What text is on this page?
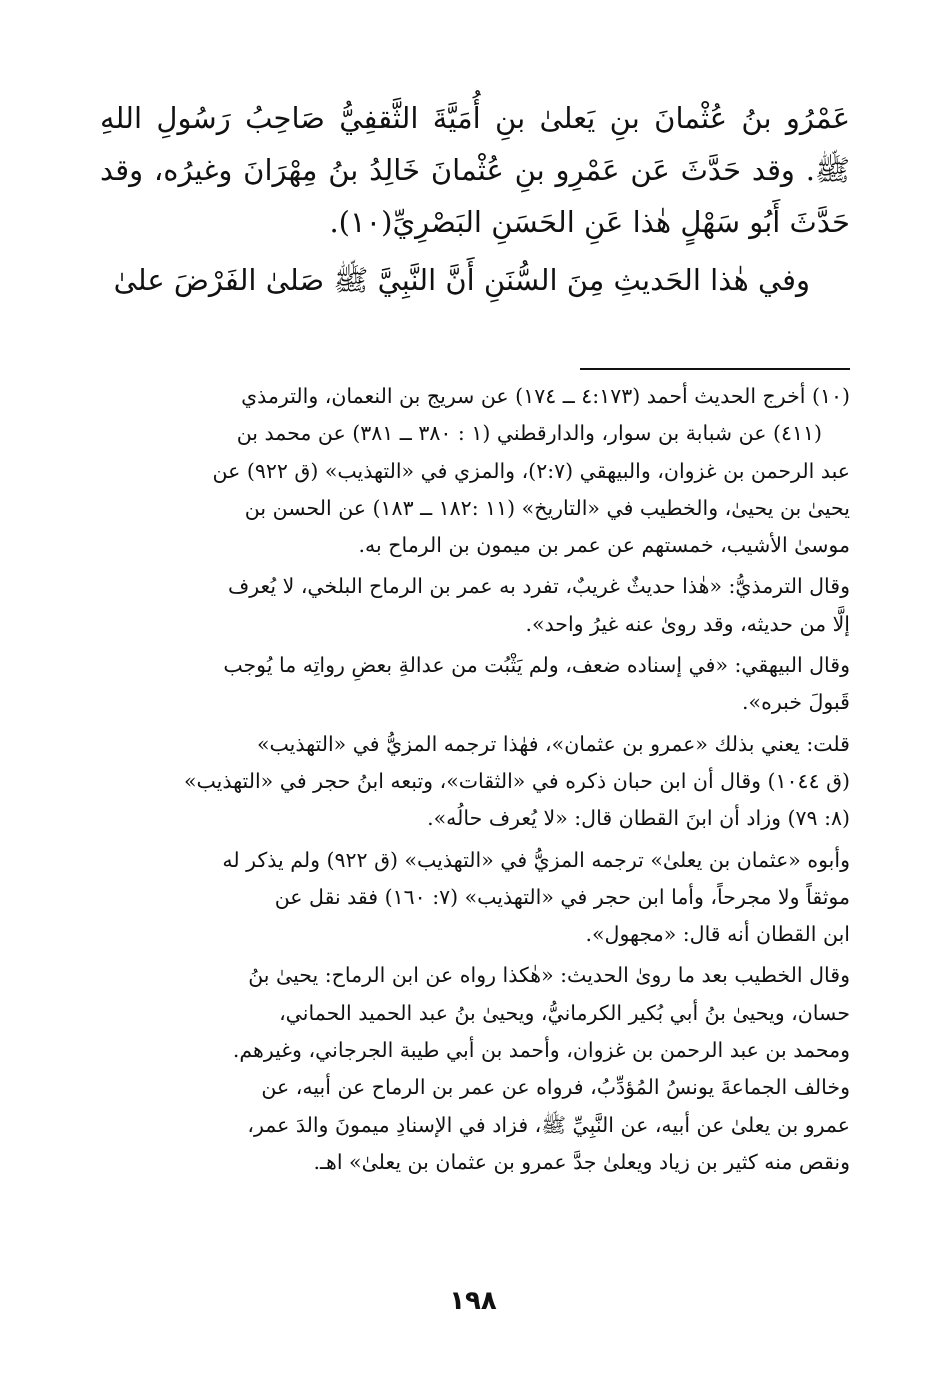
عَمْرُو بنُ عُثْمانَ بنِ يَعلىٰ بنِ أُمَيَّةَ الثَّقفِيُّ صَاحِبُ رَسُولِ اللهِ ﷺ. وقد حَدَّثَ عَن عَمْرِو بنِ عُثْمانَ خَالِدُ بنُ مِهْرَانَ وغيرُه، وقد حَدَّثَ أَبُو سَهْلٍ هٰذا عَنِ الحَسَنِ البَصْرِيِّ(١٠).

وفي هٰذا الحَديثِ مِنَ السُّنَنِ أَنَّ النَّبِيَّ ﷺ صَلىٰ الفَرْضَ علىٰ

(١٠) أخرج الحديث أحمد (٤:١٧٣ ــ ١٧٤) عن سريج بن النعمان، والترمذي

(٤١١) عن شبابة بن سوار، والدارقطني (١ : ٣٨٠ ــ ٣٨١) عن محمد بن

عبد الرحمن بن غزوان، والبيهقي (٢:٧)، والمزي في «التهذيب» (ق ٩٢٢) عن

يحيىٰ بن يحيىٰ، والخطيب في «التاريخ» (١١ :١٨٢ ــ ١٨٣) عن الحسن بن

موسىٰ الأشيب، خمستهم عن عمر بن ميمون بن الرماح به.

وقال الترمذيُّ: «هٰذا حديثٌ غريبٌ، تفرد به عمر بن الرماح البلخي، لا يُعرف

إلَّا من حديثه، وقد رویٰ عنه غيرُ واحد».

وقال البيهقي: «في إسناده ضعف، ولم يَثْبُت من عدالةِ بعضِ رواتِه ما يُوجب

قَبولَ خبره».

قلت: يعني بذلك «عمرو بن عثمان»، فهٰذا ترجمه المزيُّ في «التهذيب»

(ق ١٠٤٤) وقال أن ابن حبان ذكره في «الثقات»، وتبعه ابنُ حجر في «التهذيب»

(٨: ٧٩) وزاد أن ابنَ القطان قال: «لا يُعرف حالُه».

وأبوه «عثمان بن يعلىٰ» ترجمه المزيُّ في «التهذيب» (ق ٩٢٢) ولم يذكر له

موثقاً ولا مجرحاً، وأما ابن حجر في «التهذيب» (٧: ١٦٠) فقد نقل عن

ابن القطان أنه قال: «مجهول».

وقال الخطيب بعد ما رویٰ الحديث: «هٰكذا رواه عن ابن الرماح: يحيىٰ بنُ

حسان، ويحيىٰ بنُ أبي بُكير الكرمانيُّ، ويحيىٰ بنُ عبد الحميد الحماني،

ومحمد بن عبد الرحمن بن غزوان، وأحمد بن أبي طيبة الجرجاني، وغيرهم.

وخالف الجماعةَ يونسُ المُؤدِّبُ، فرواه عن عمر بن الرماح عن أبيه، عن

عمرو بن يعلىٰ عن أبيه، عن النَّبِيِّ ﷺ، فزاد في الإسنادِ ميمونَ والدَ عمر،

ونقص منه كثير بن زياد ويعلىٰ جدَّ عمرو بن عثمان بن يعلىٰ» اهـ.

١٩٨
